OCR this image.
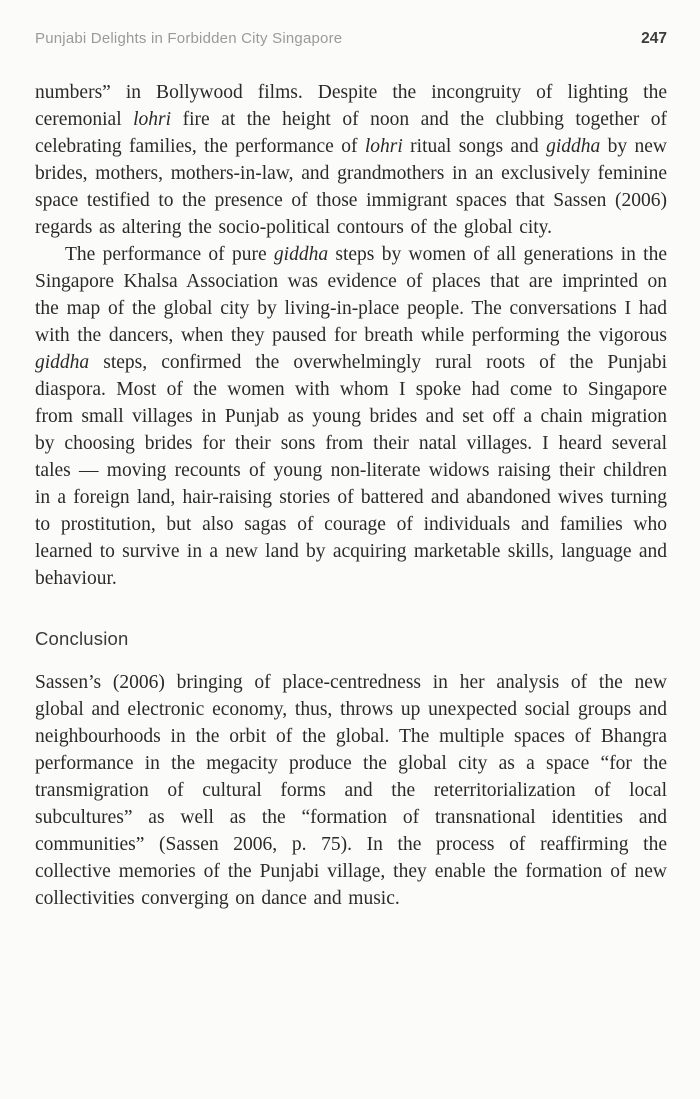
Punjabi Delights in Forbidden City Singapore	247

numbers” in Bollywood films. Despite the incongruity of lighting the ceremonial lohri fire at the height of noon and the clubbing together of celebrating families, the performance of lohri ritual songs and giddha by new brides, mothers, mothers-in-law, and grandmothers in an exclusively feminine space testified to the presence of those immigrant spaces that Sassen (2006) regards as altering the socio-political contours of the global city.

The performance of pure giddha steps by women of all generations in the Singapore Khalsa Association was evidence of places that are imprinted on the map of the global city by living-in-place people. The conversations I had with the dancers, when they paused for breath while performing the vigorous giddha steps, confirmed the overwhelmingly rural roots of the Punjabi diaspora. Most of the women with whom I spoke had come to Singapore from small villages in Punjab as young brides and set off a chain migration by choosing brides for their sons from their natal villages. I heard several tales — moving recounts of young non-literate widows raising their children in a foreign land, hair-raising stories of battered and abandoned wives turning to prostitution, but also sagas of courage of individuals and families who learned to survive in a new land by acquiring marketable skills, language and behaviour.

Conclusion

Sassen’s (2006) bringing of place-centredness in her analysis of the new global and electronic economy, thus, throws up unexpected social groups and neighbourhoods in the orbit of the global. The multiple spaces of Bhangra performance in the megacity produce the global city as a space “for the transmigration of cultural forms and the reterritorialization of local subcultures” as well as the “formation of transnational identities and communities” (Sassen 2006, p. 75). In the process of reaffirming the collective memories of the Punjabi village, they enable the formation of new collectivities converging on dance and music.
